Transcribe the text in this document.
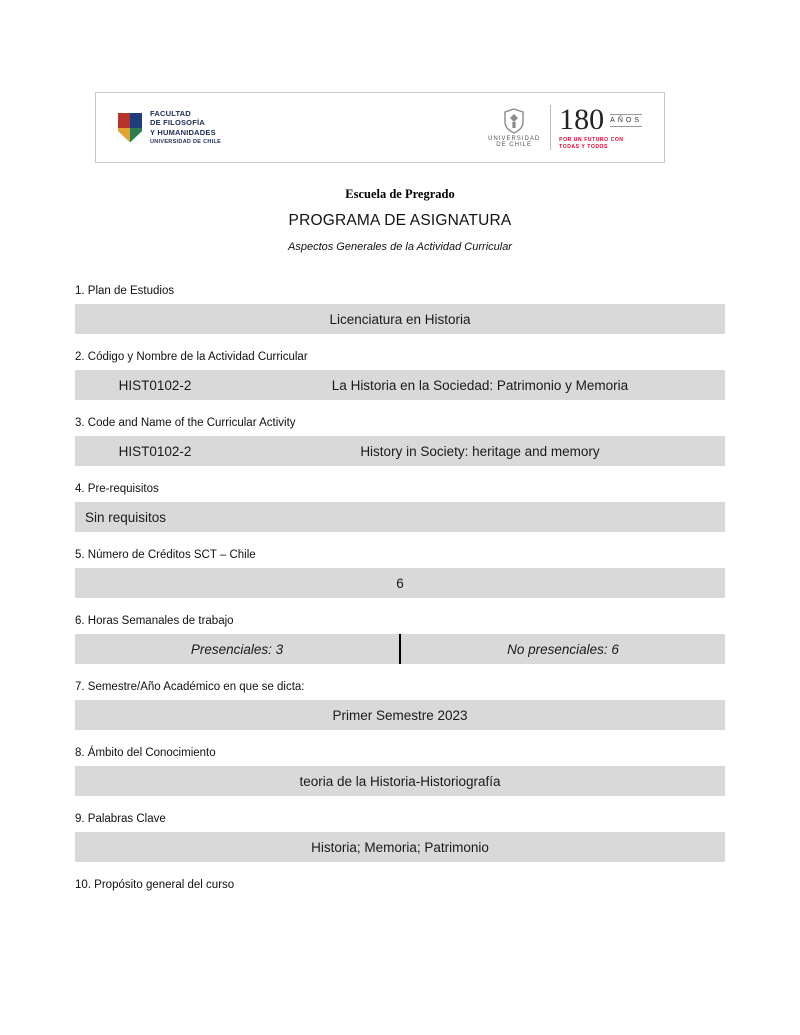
FACULTAD
DE FILOSOFÍA
Y HUMANIDADES
UNIVERSIDAD DE CHILE
UNIVERSIDAD
DE CHILE
180 AÑOS
POR UN FUTURO CON
TODAS Y TODOS
Escuela de Pregrado
PROGRAMA DE ASIGNATURA
Aspectos Generales de la Actividad Curricular
1. Plan de Estudios
Licenciatura en Historia
2. Código y Nombre de la Actividad Curricular
HIST0102-2	La Historia en la Sociedad: Patrimonio y Memoria
3. Code and Name of the Curricular Activity
HIST0102-2	History in Society: heritage and memory
4. Pre-requisitos
Sin requisitos
5. Número de Créditos SCT – Chile
6
6. Horas Semanales de trabajo
Presenciales: 3	No presenciales: 6
7. Semestre/Año Académico en que se dicta:
Primer Semestre 2023
8. Ámbito del Conocimiento
teoria de la Historia-Historiografía
9. Palabras Clave
Historia; Memoria; Patrimonio
10. Propósito general del curso
